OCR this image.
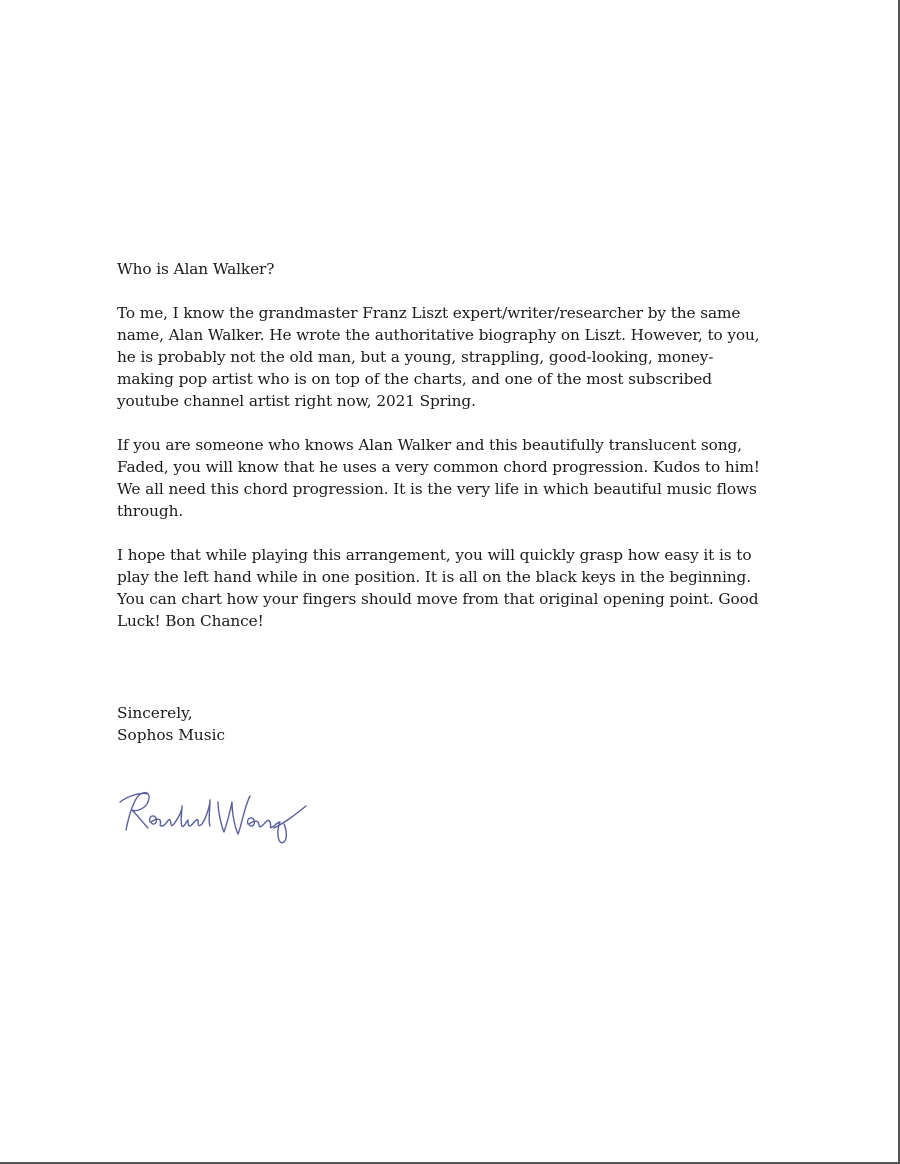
Who is Alan Walker?

To me, I know the grandmaster Franz Liszt expert/writer/researcher by the same name, Alan Walker. He wrote the authoritative biography on Liszt. However, to you, he is probably not the old man, but a young, strappling, good-looking, money-making pop artist who is on top of the charts, and one of the most subscribed youtube channel artist right now, 2021 Spring.

If you are someone who knows Alan Walker and this beautifully translucent song, Faded, you will know that he uses a very common chord progression. Kudos to him! We all need this chord progression. It is the very life in which beautiful music flows through.

I hope that while playing this arrangement, you will quickly grasp how easy it is to play the left hand while in one position. It is all on the black keys in the beginning. You can chart how your fingers should move from that original opening point. Good Luck! Bon Chance!

Sincerely,
Sophos Music
